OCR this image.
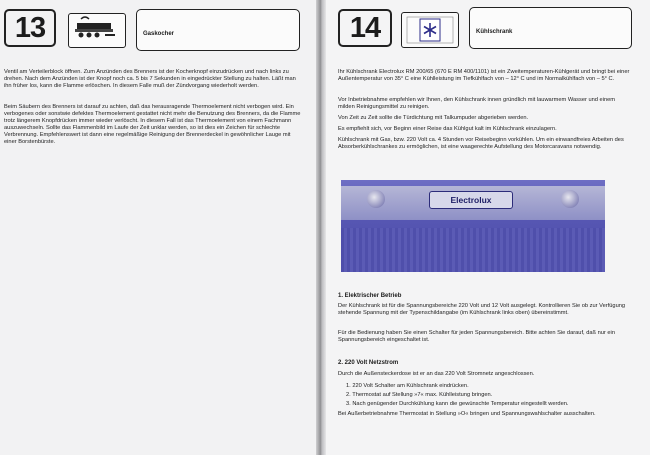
13	Gaskocher

Ventil am Verteilerblock öffnen. Zum Anzünden des Brenners ist der Kocherknopf einzudrücken und nach links zu drehen. Nach dem Anzünden ist der Knopf noch ca. 5 bis 7 Sekunden in eingedrückter Stellung zu halten. Läßt man ihn früher los, kann die Flamme erlöschen. In diesem Falle muß der Zündvorgang wiederholt werden.

Beim Säubern des Brenners ist darauf zu achten, daß das herausragende Thermoelement nicht verbogen wird. Ein verbogenes oder sonstwie defektes Thermoelement gestattet nicht mehr die Benutzung des Brenners, da die Flamme trotz längerem Knopfdrücken immer wieder verlöscht. In diesem Fall ist das Thermoelement von einem Fachmann auszuwechseln. Sollte das Flammenbild im Laufe der Zeit unklar werden, so ist dies ein Zeichen für schlechte Verbrennung. Empfehlenswert ist dann eine regelmäßige Reinigung der Brennerdeckel in gewöhnlicher Lauge mit einer Borstenbürste.

14	Kühlschrank

Ihr Kühlschrank Electrolux RM 200/65 (670 E RM 400/1101) ist ein Zweitemperaturen-Kühlgerät und bringt bei einer Außentemperatur von 35° C eine Kühlleistung im Tiefkühlfach von – 12° C und im Normalkühlfach von – 5° C.

Vor Inbetriebnahme empfehlen wir Ihnen, den Kühlschrank innen gründlich mit lauwarmem Wasser und einem milden Reinigungsmittel zu reinigen.

Von Zeit zu Zeit sollte die Türdichtung mit Talkumpuder abgerieben werden.

Es empfiehlt sich, vor Beginn einer Reise das Kühlgut kalt im Kühlschrank einzulagern.

Kühlschrank mit Gas, bzw. 220 Volt ca. 4 Stunden vor Reisebeginn vorkühlen. Um ein einwandfreies Arbeiten des Absorberkühlschrankes zu ermöglichen, ist eine waagerechte Aufstellung des Motorcaravans notwendig.

Electrolux

1. Elektrischer Betrieb

Der Kühlschrank ist für die Spannungsbereiche 220 Volt und 12 Volt ausgelegt. Kontrollieren Sie ob zur Verfügung stehende Spannung mit der Typenschildangabe (im Kühlschrank links oben) übereinstimmt.

Für die Bedienung haben Sie einen Schalter für jeden Spannungsbereich. Bitte achten Sie darauf, daß nur ein Spannungsbereich eingeschaltet ist.

2. 220 Volt Netzstrom

Durch die Außensteckerdose ist er an das 220 Volt Stromnetz angeschlossen.

1. 220 Volt Schalter am Kühlschrank eindrücken.
2. Thermostat auf Stellung »7« max. Kühlleistung bringen.
3. Nach genügender Durchkühlung kann die gewünschte Temperatur eingestellt werden.

Bei Außerbetriebnahme Thermostat in Stellung »O« bringen und Spannungswahlschalter ausschalten.
